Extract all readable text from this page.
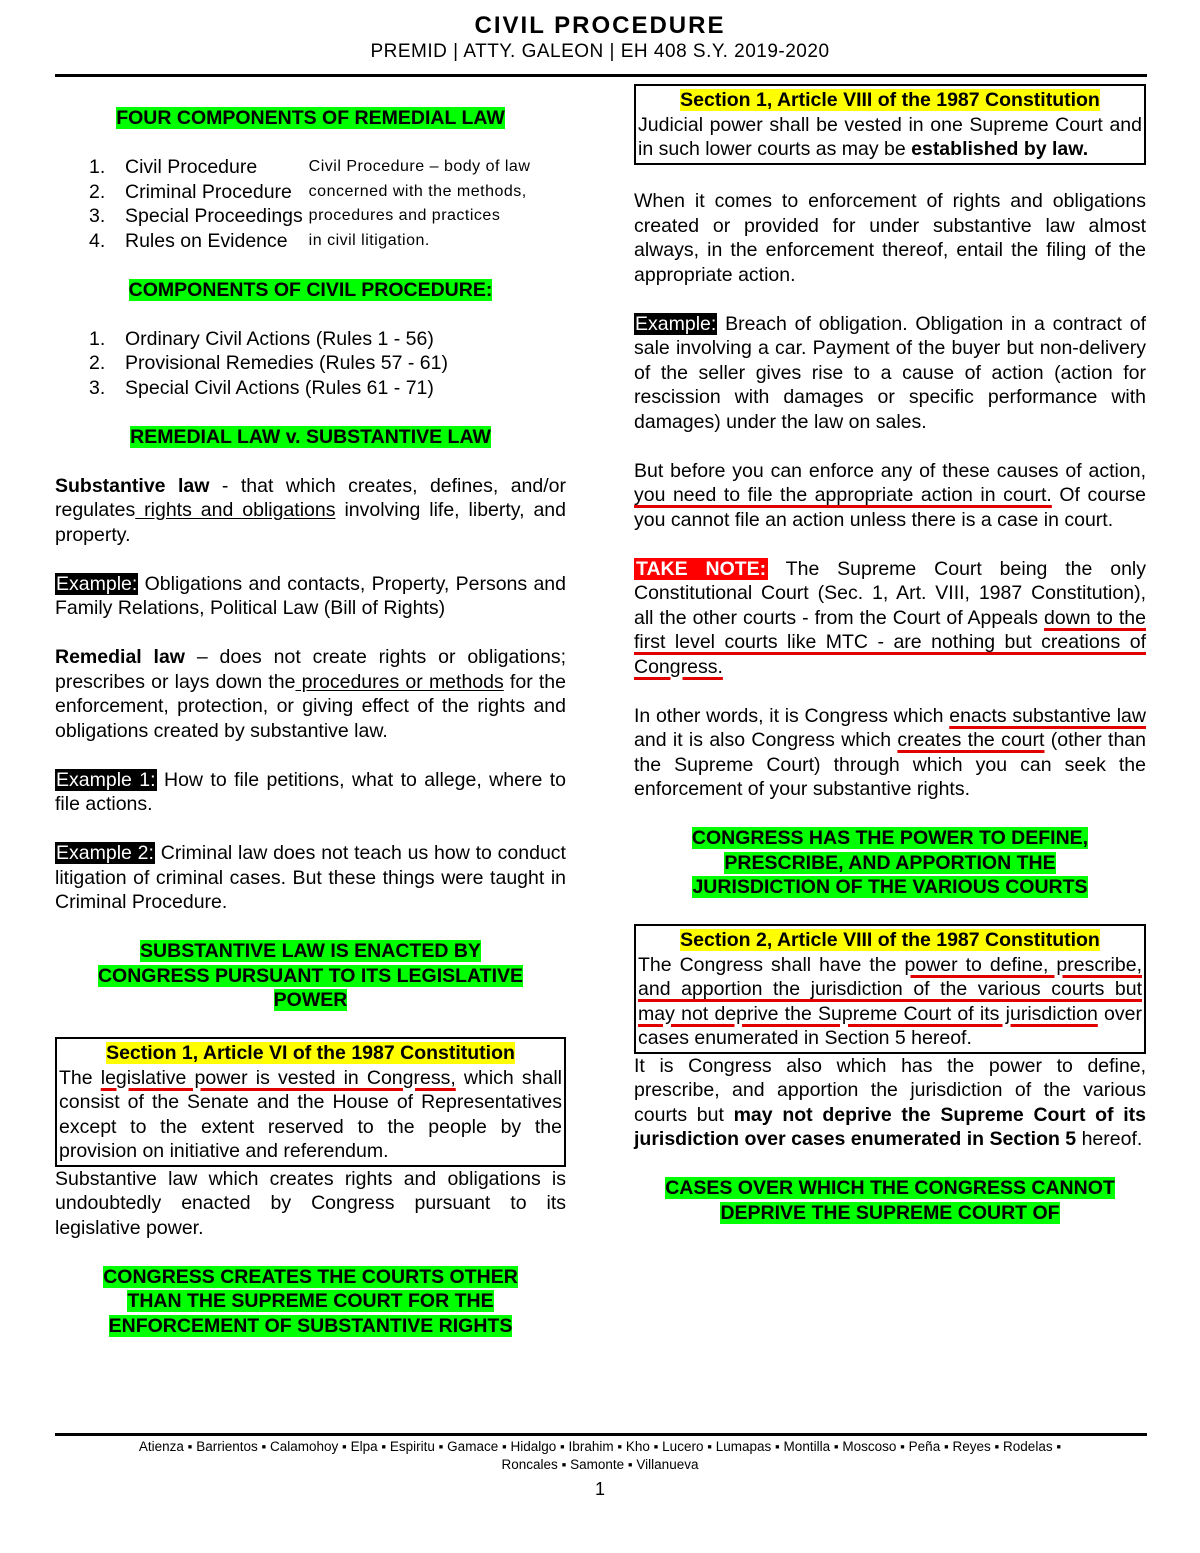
CIVIL PROCEDURE
PREMID | ATTY. GALEON | EH 408 S.Y. 2019-2020

FOUR COMPONENTS OF REMEDIAL LAW

1. Civil Procedure
2. Criminal Procedure
3. Special Proceedings
4. Rules on Evidence
Civil Procedure – body of law
concerned with the methods,
procedures and practices
in civil litigation.

COMPONENTS OF CIVIL PROCEDURE:

1. Ordinary Civil Actions (Rules 1 - 56)
2. Provisional Remedies (Rules 57 - 61)
3. Special Civil Actions (Rules 61 - 71)

REMEDIAL LAW v. SUBSTANTIVE LAW

Substantive law - that which creates, defines, and/or regulates rights and obligations involving life, liberty, and property.

Example: Obligations and contacts, Property, Persons and Family Relations, Political Law (Bill of Rights)

Remedial law – does not create rights or obligations; prescribes or lays down the procedures or methods for the enforcement, protection, or giving effect of the rights and obligations created by substantive law.

Example 1: How to file petitions, what to allege, where to file actions.

Example 2: Criminal law does not teach us how to conduct litigation of criminal cases. But these things were taught in Criminal Procedure.

SUBSTANTIVE LAW IS ENACTED BY
CONGRESS PURSUANT TO ITS LEGISLATIVE
POWER

Section 1, Article VI of the 1987 Constitution

The legislative power is vested in Congress, which shall consist of the Senate and the House of Representatives except to the extent reserved to the people by the provision on initiative and referendum.

Substantive law which creates rights and obligations is undoubtedly enacted by Congress pursuant to its legislative power.

CONGRESS CREATES THE COURTS OTHER
THAN THE SUPREME COURT FOR THE
ENFORCEMENT OF SUBSTANTIVE RIGHTS

Section 1, Article VIII of the 1987 Constitution

Judicial power shall be vested in one Supreme Court and in such lower courts as may be established by law.

When it comes to enforcement of rights and obligations created or provided for under substantive law almost always, in the enforcement thereof, entail the filing of the appropriate action.

Example: Breach of obligation. Obligation in a contract of sale involving a car. Payment of the buyer but non-delivery of the seller gives rise to a cause of action (action for rescission with damages or specific performance with damages) under the law on sales.

But before you can enforce any of these causes of action, you need to file the appropriate action in court. Of course you cannot file an action unless there is a case in court.

TAKE NOTE: The Supreme Court being the only Constitutional Court (Sec. 1, Art. VIII, 1987 Constitution), all the other courts - from the Court of Appeals down to the first level courts like MTC - are nothing but creations of Congress.

In other words, it is Congress which enacts substantive law and it is also Congress which creates the court (other than the Supreme Court) through which you can seek the enforcement of your substantive rights.

CONGRESS HAS THE POWER TO DEFINE,
PRESCRIBE, AND APPORTION THE
JURISDICTION OF THE VARIOUS COURTS

Section 2, Article VIII of the 1987 Constitution

The Congress shall have the power to define, prescribe, and apportion the jurisdiction of the various courts but may not deprive the Supreme Court of its jurisdiction over cases enumerated in Section 5 hereof.

It is Congress also which has the power to define, prescribe, and apportion the jurisdiction of the various courts but may not deprive the Supreme Court of its jurisdiction over cases enumerated in Section 5 hereof.

CASES OVER WHICH THE CONGRESS CANNOT
DEPRIVE THE SUPREME COURT OF

Atienza ▪ Barrientos ▪ Calamohoy ▪ Elpa ▪ Espiritu ▪ Gamace ▪ Hidalgo ▪ Ibrahim ▪ Kho ▪ Lucero ▪ Lumapas ▪ Montilla ▪ Moscoso ▪ Peña ▪ Reyes ▪ Rodelas ▪
Roncales ▪ Samonte ▪ Villanueva
1
